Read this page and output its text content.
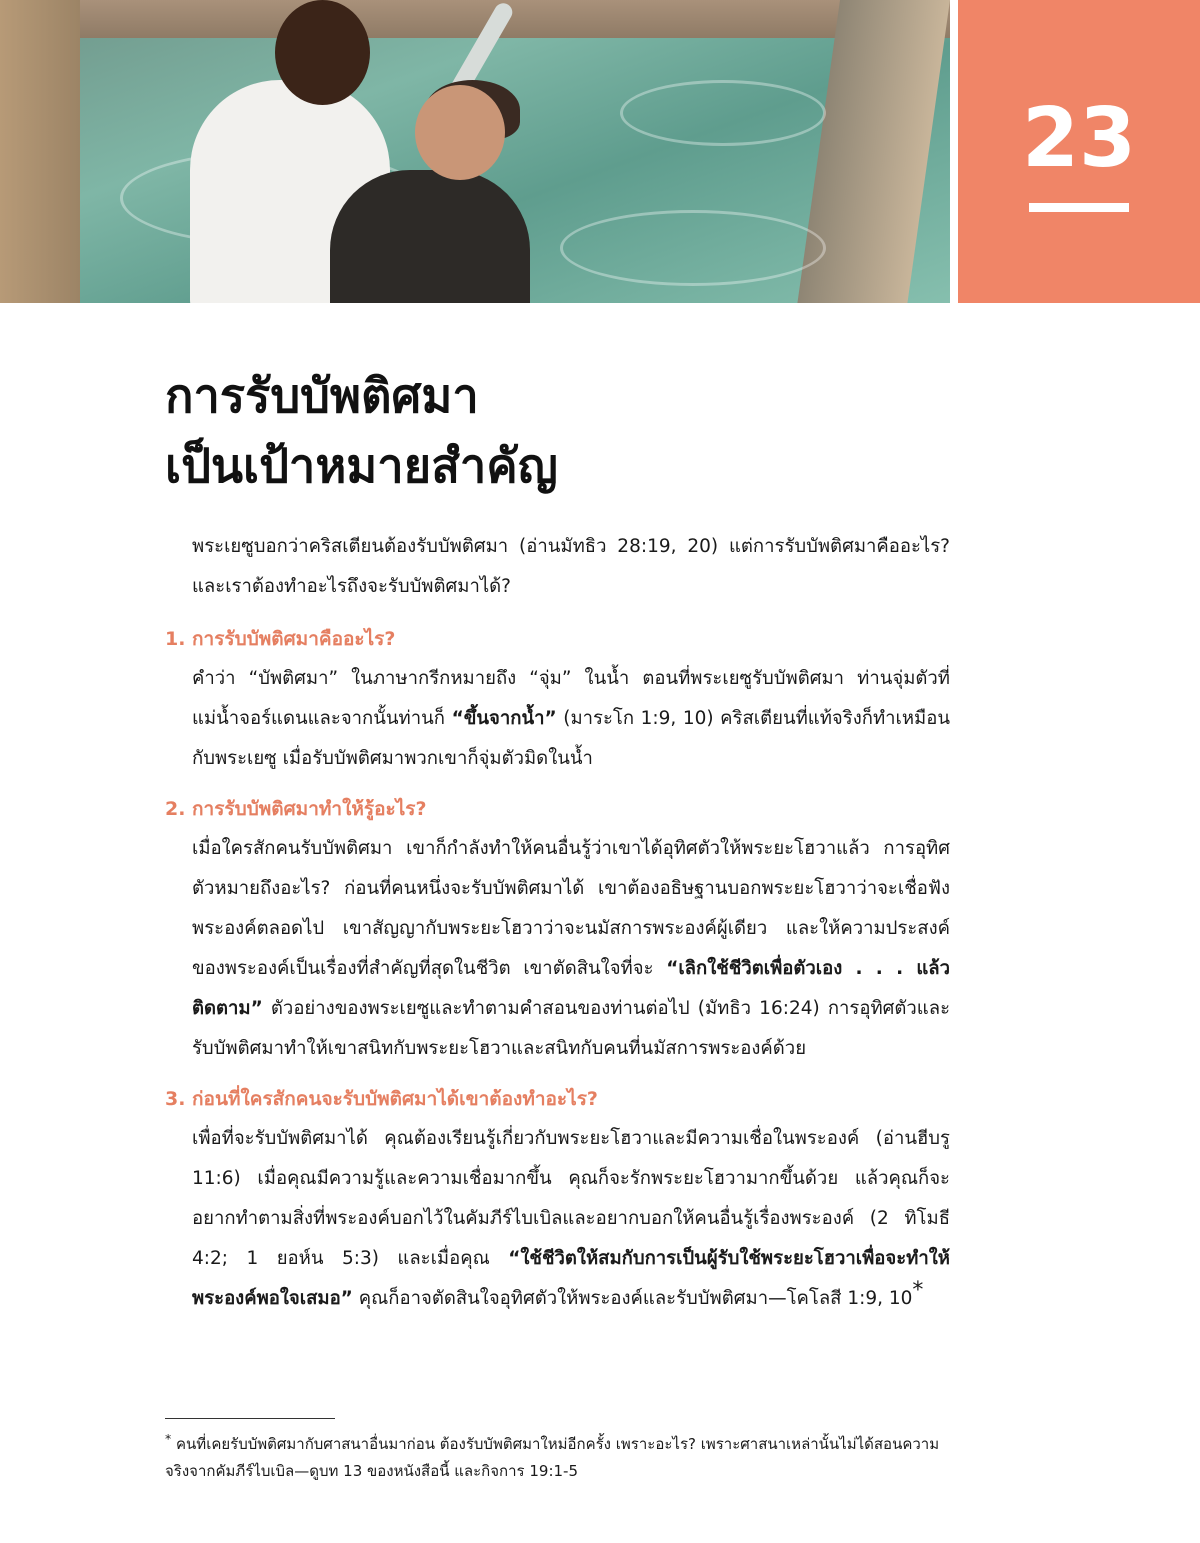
23
การรับบัพติศมา
เป็นเป้าหมายสำคัญ

พระเยซูบอกว่าคริสเตียนต้องรับบัพติศมา (อ่านมัทธิว 28:19, 20) แต่การรับบัพติศมาคืออะไร? และเราต้องทำอะไรถึงจะรับบัพติศมาได้?

1. การรับบัพติศมาคืออะไร?

คำว่า “บัพติศมา” ในภาษากรีกหมายถึง “จุ่ม” ในน้ำ ตอนที่พระเยซูรับบัพติศมา ท่านจุ่มตัวที่แม่น้ำจอร์แดนและจากนั้นท่านก็ “ขึ้นจากน้ำ” (มาระโก 1:9, 10) คริสเตียนที่แท้จริงก็ทำเหมือนกับพระเยซู เมื่อรับบัพติศมาพวกเขาก็จุ่มตัวมิดในน้ำ

2. การรับบัพติศมาทำให้รู้อะไร?

เมื่อใครสักคนรับบัพติศมา เขาก็กำลังทำให้คนอื่นรู้ว่าเขาได้อุทิศตัวให้พระยะโฮวาแล้ว การอุทิศตัวหมายถึงอะไร? ก่อนที่คนหนึ่งจะรับบัพติศมาได้ เขาต้องอธิษฐานบอกพระยะโฮวาว่าจะเชื่อฟังพระองค์ตลอดไป เขาสัญญากับพระยะโฮวาว่าจะนมัสการพระองค์ผู้เดียว และให้ความประสงค์ของพระองค์เป็นเรื่องที่สำคัญที่สุดในชีวิต เขาตัดสินใจที่จะ “เลิกใช้ชีวิตเพื่อตัวเอง . . . แล้วติดตาม” ตัวอย่างของพระเยซูและทำตามคำสอนของท่านต่อไป (มัทธิว 16:24) การอุทิศตัวและรับบัพติศมาทำให้เขาสนิทกับพระยะโฮวาและสนิทกับคนที่นมัสการพระองค์ด้วย

3. ก่อนที่ใครสักคนจะรับบัพติศมาได้เขาต้องทำอะไร?

เพื่อที่จะรับบัพติศมาได้ คุณต้องเรียนรู้เกี่ยวกับพระยะโฮวาและมีความเชื่อในพระองค์ (อ่านฮีบรู 11:6) เมื่อคุณมีความรู้และความเชื่อมากขึ้น คุณก็จะรักพระยะโฮวามากขึ้นด้วย แล้วคุณก็จะอยากทำตามสิ่งที่พระองค์บอกไว้ในคัมภีร์ไบเบิลและอยากบอกให้คนอื่นรู้เรื่องพระองค์ (2 ทิโมธี 4:2; 1 ยอห์น 5:3) และเมื่อคุณ “ใช้ชีวิตให้สมกับการเป็นผู้รับใช้พระยะโฮวาเพื่อจะทำให้พระองค์พอใจเสมอ” คุณก็อาจตัดสินใจอุทิศตัวให้พระองค์และรับบัพติศมา—โคโลสี 1:9, 10*

* คนที่เคยรับบัพติศมากับศาสนาอื่นมาก่อน ต้องรับบัพติศมาใหม่อีกครั้ง เพราะอะไร? เพราะศาสนาเหล่านั้นไม่ได้สอนความจริงจากคัมภีร์ไบเบิล—ดูบท 13 ของหนังสือนี้ และกิจการ 19:1-5
